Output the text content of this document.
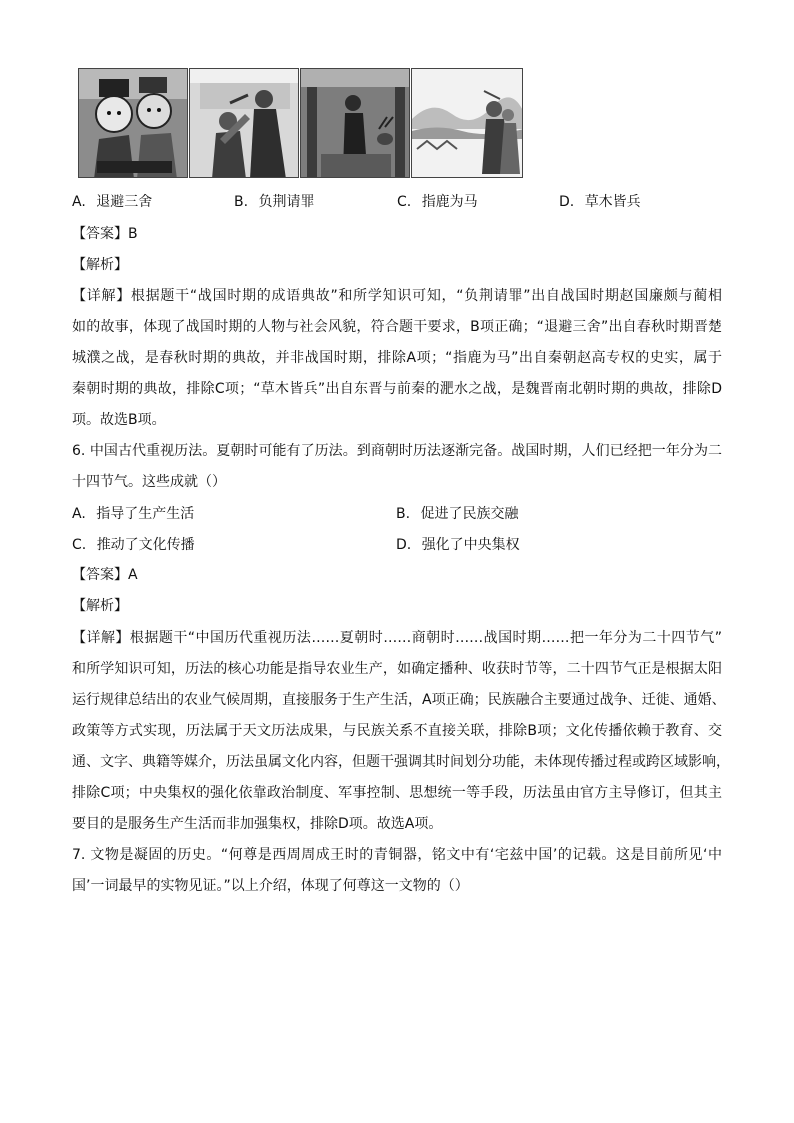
A. 退避三舍	B. 负荆请罪	C. 指鹿为马	D. 草木皆兵
【答案】B
【解析】
【详解】根据题干“战国时期的成语典故”和所学知识可知，“负荆请罪”出自战国时期赵国廉颇与蔺相
如的故事，体现了战国时期的人物与社会风貌，符合题干要求，B项正确；“退避三舍”出自春秋时期晋楚
城濮之战，是春秋时期的典故，并非战国时期，排除A项；“指鹿为马”出自秦朝赵高专权的史实，属于
秦朝时期的典故，排除C项；“草木皆兵”出自东晋与前秦的淝水之战，是魏晋南北朝时期的典故，排除D
项。故选B项。
6. 中国古代重视历法。夏朝时可能有了历法。到商朝时历法逐渐完备。战国时期，人们已经把一年分为二
十四节气。这些成就（）
A. 指导了生产生活	B. 促进了民族交融
C. 推动了文化传播	D. 强化了中央集权
【答案】A
【解析】
【详解】根据题干“中国历代重视历法……夏朝时……商朝时……战国时期……把一年分为二十四节气”
和所学知识可知，历法的核心功能是指导农业生产，如确定播种、收获时节等，二十四节气正是根据太阳
运行规律总结出的农业气候周期，直接服务于生产生活，A项正确；民族融合主要通过战争、迁徙、通婚、
政策等方式实现，历法属于天文历法成果，与民族关系不直接关联，排除B项；文化传播依赖于教育、交
通、文字、典籍等媒介，历法虽属文化内容，但题干强调其时间划分功能，未体现传播过程或跨区域影响，
排除C项；中央集权的强化依靠政治制度、军事控制、思想统一等手段，历法虽由官方主导修订，但其主
要目的是服务生产生活而非加强集权，排除D项。故选A项。
7. 文物是凝固的历史。“何尊是西周周成王时的青铜器，铭文中有‘宅兹中国’的记载。这是目前所见‘中
国’一词最早的实物见证。”以上介绍，体现了何尊这一文物的（）
